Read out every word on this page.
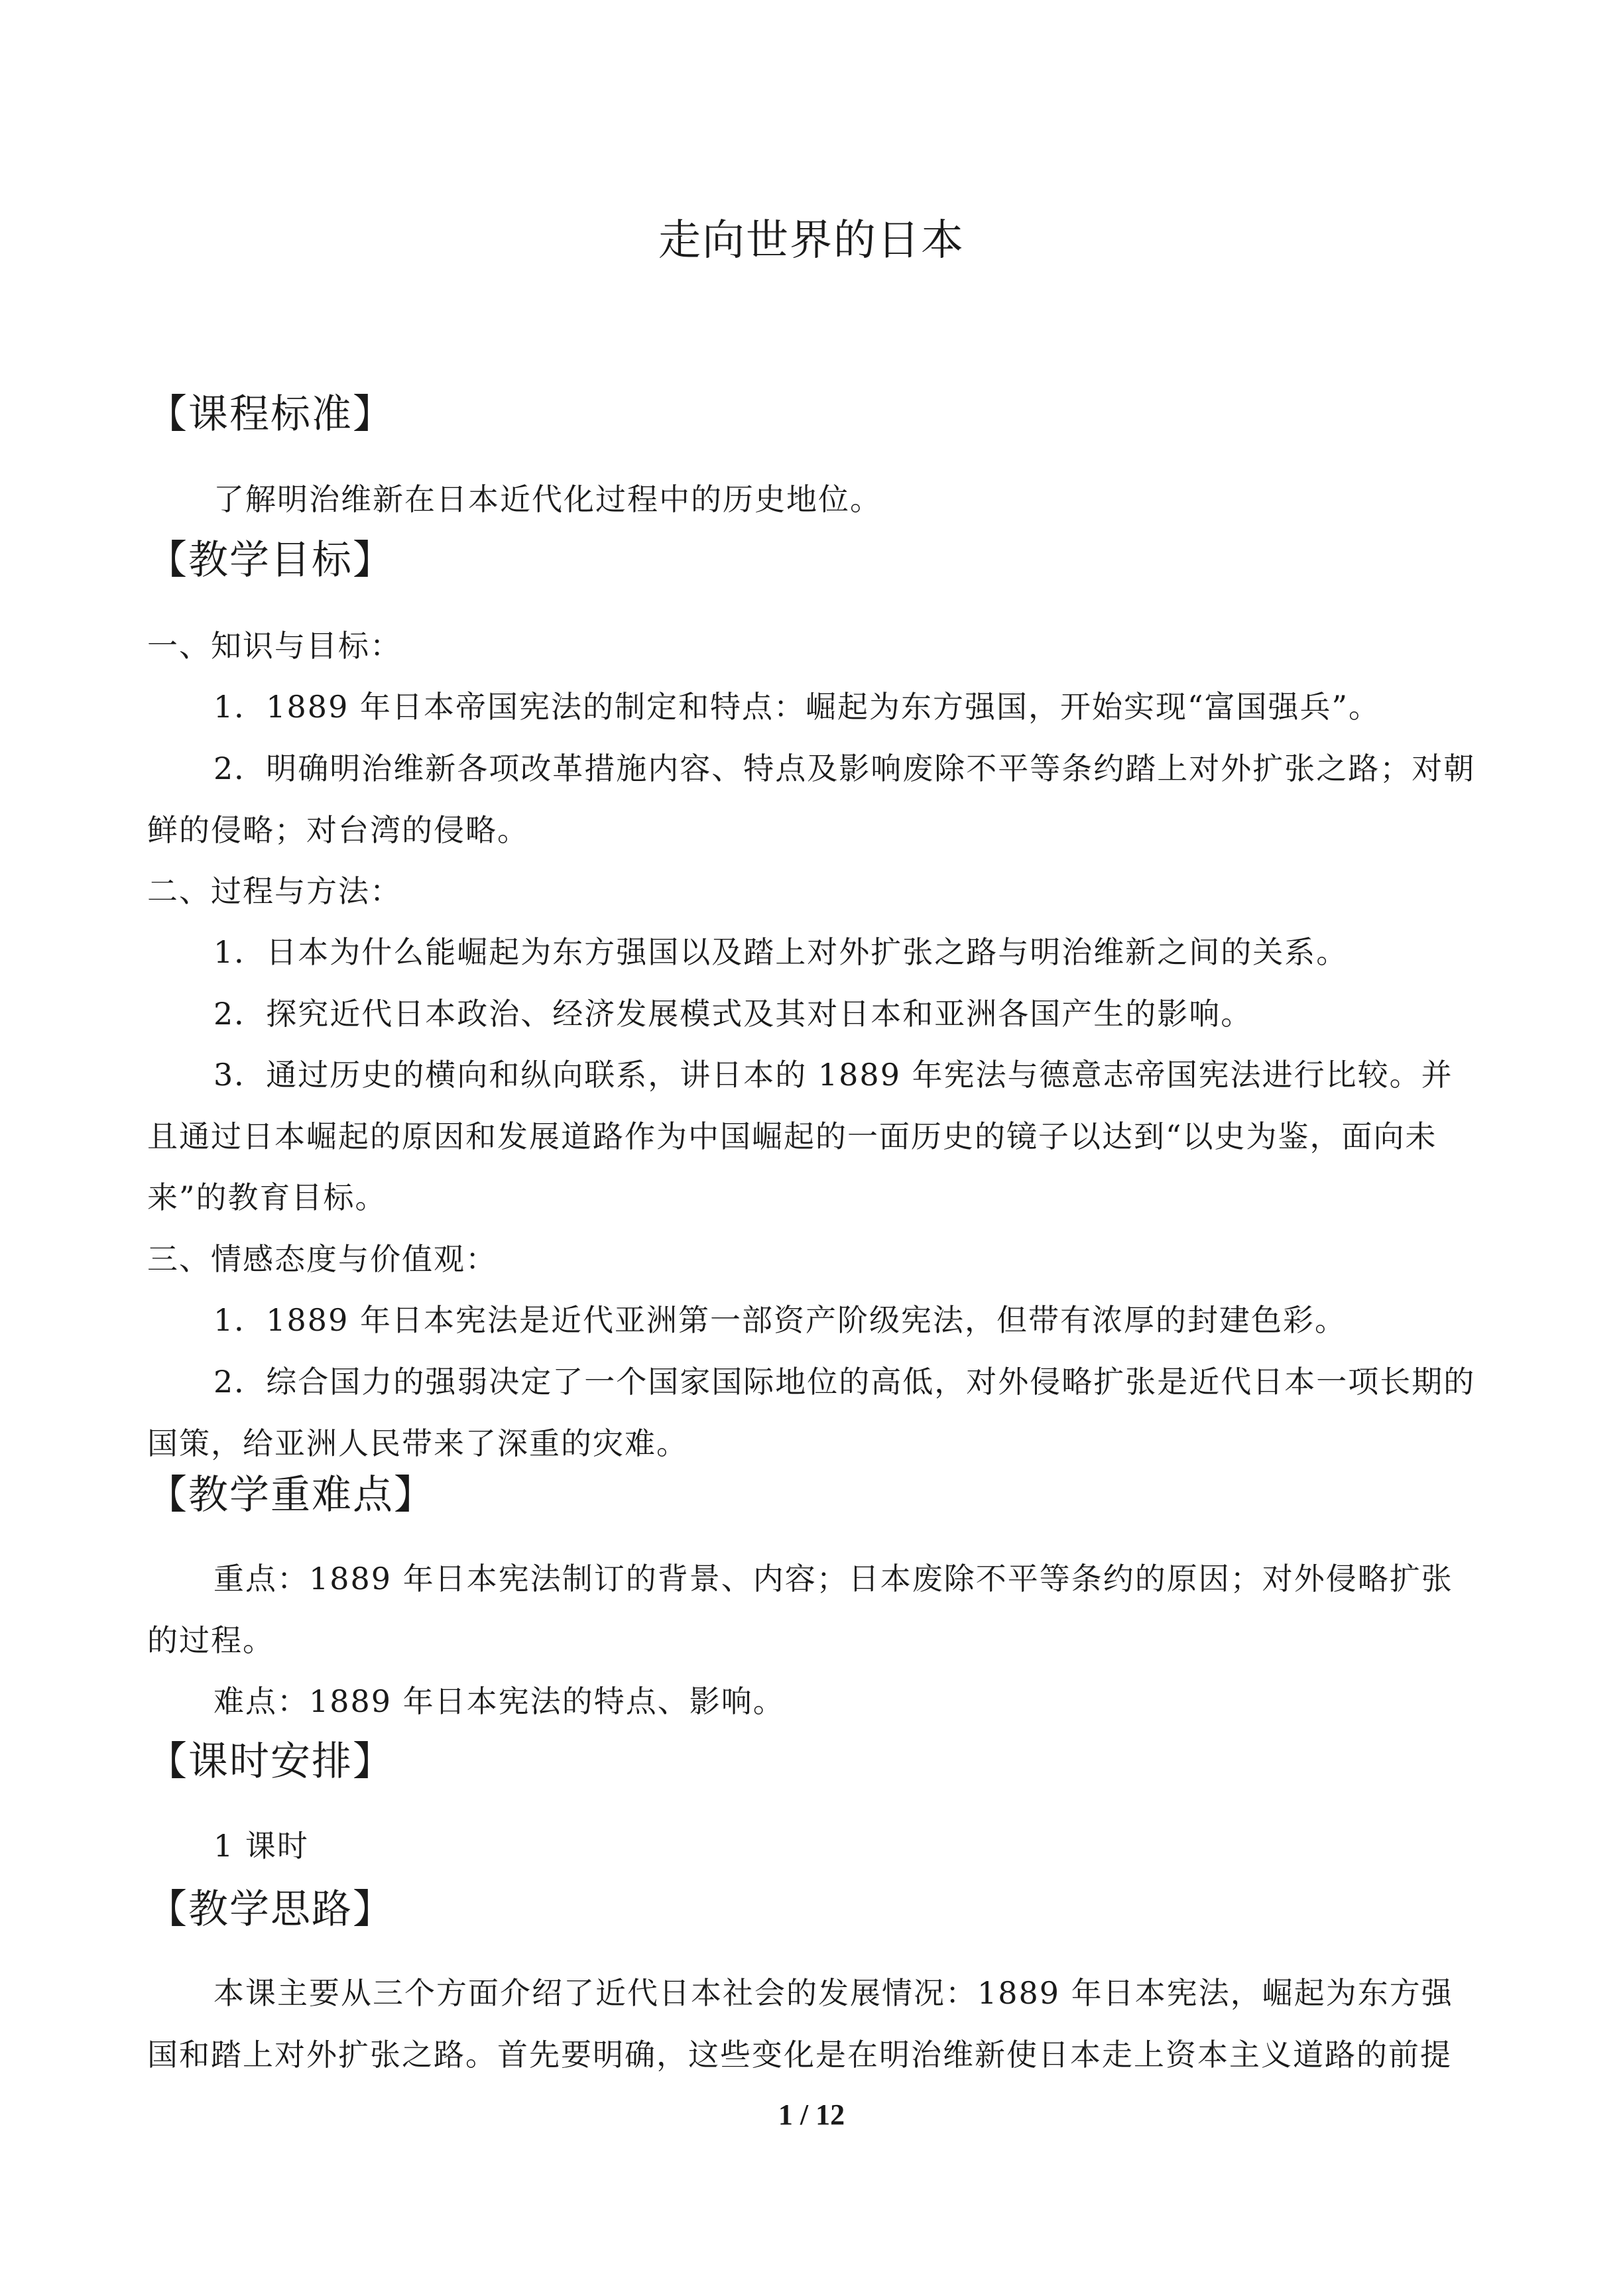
走向世界的日本
【课程标准】

了解明治维新在日本近代化过程中的历史地位。

【教学目标】

一、知识与目标：

1．1889 年日本帝国宪法的制定和特点：崛起为东方强国，开始实现“富国强兵”。

2．明确明治维新各项改革措施内容、特点及影响废除不平等条约踏上对外扩张之路；对朝鲜的侵略；对台湾的侵略。

二、过程与方法：

1．日本为什么能崛起为东方强国以及踏上对外扩张之路与明治维新之间的关系。

2．探究近代日本政治、经济发展模式及其对日本和亚洲各国产生的影响。

3．通过历史的横向和纵向联系，讲日本的 1889 年宪法与德意志帝国宪法进行比较。并且通过日本崛起的原因和发展道路作为中国崛起的一面历史的镜子以达到“以史为鉴，面向未来”的教育目标。

三、情感态度与价值观：

1．1889 年日本宪法是近代亚洲第一部资产阶级宪法，但带有浓厚的封建色彩。

2．综合国力的强弱决定了一个国家国际地位的高低，对外侵略扩张是近代日本一项长期的国策，给亚洲人民带来了深重的灾难。

【教学重难点】

重点：1889 年日本宪法制订的背景、内容；日本废除不平等条约的原因；对外侵略扩张的过程。

难点：1889 年日本宪法的特点、影响。

【课时安排】

1 课时

【教学思路】

本课主要从三个方面介绍了近代日本社会的发展情况：1889 年日本宪法，崛起为东方强国和踏上对外扩张之路。首先要明确，这些变化是在明治维新使日本走上资本主义道路的前提

1 / 12
